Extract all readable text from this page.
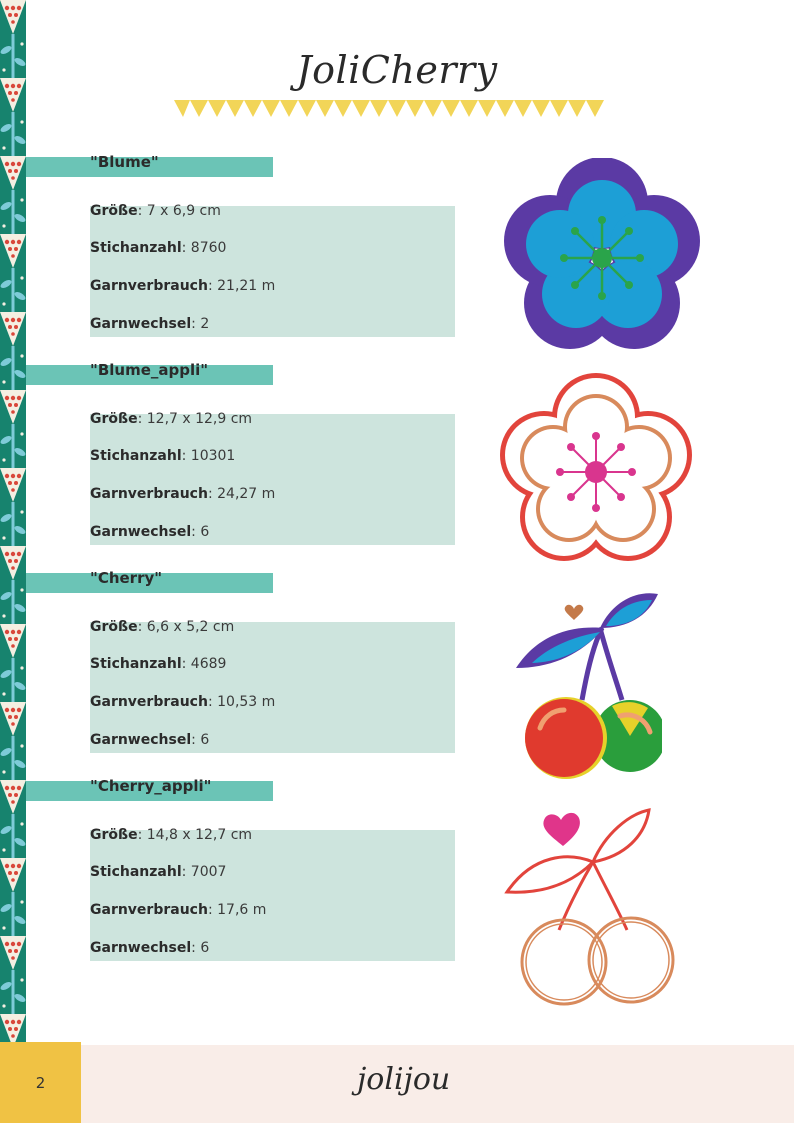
JoliCherry
"Blume"
Größe: 7 x 6,9 cm
Stichanzahl: 8760
Garnverbrauch: 21,21 m
Garnwechsel: 2
"Blume_appli"
Größe: 12,7 x 12,9 cm
Stichanzahl: 10301
Garnverbrauch: 24,27 m
Garnwechsel: 6
"Cherry"
Größe: 6,6 x 5,2 cm
Stichanzahl: 4689
Garnverbrauch: 10,53 m
Garnwechsel: 6
"Cherry_appli"
Größe: 14,8 x 12,7 cm
Stichanzahl: 7007
Garnverbrauch: 17,6 m
Garnwechsel: 6
2	jolijou
